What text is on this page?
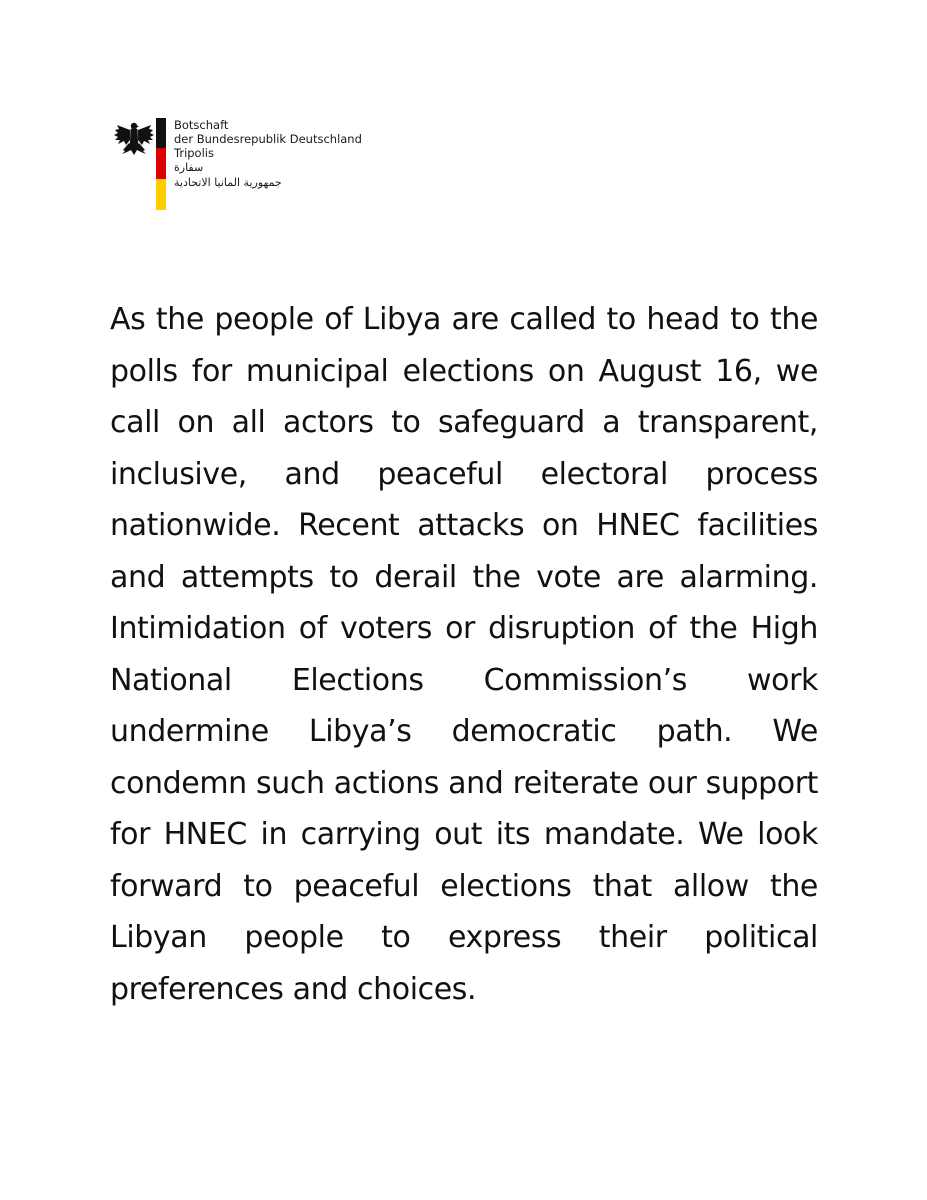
Botschaft
der Bundesrepublik Deutschland
Tripolis
سفارة
جمهورية المانيا الاتحادية

As the people of Libya are called to head to the polls for municipal elections on August 16, we call on all actors to safeguard a transparent, inclusive, and peaceful electoral process nationwide. Recent attacks on HNEC facilities and attempts to derail the vote are alarming. Intimidation of voters or disruption of the High National Elections Commission’s work undermine Libya’s democratic path. We condemn such actions and reiterate our support for HNEC in carrying out its mandate. We look forward to peaceful elections that allow the Libyan people to express their political preferences and choices.
